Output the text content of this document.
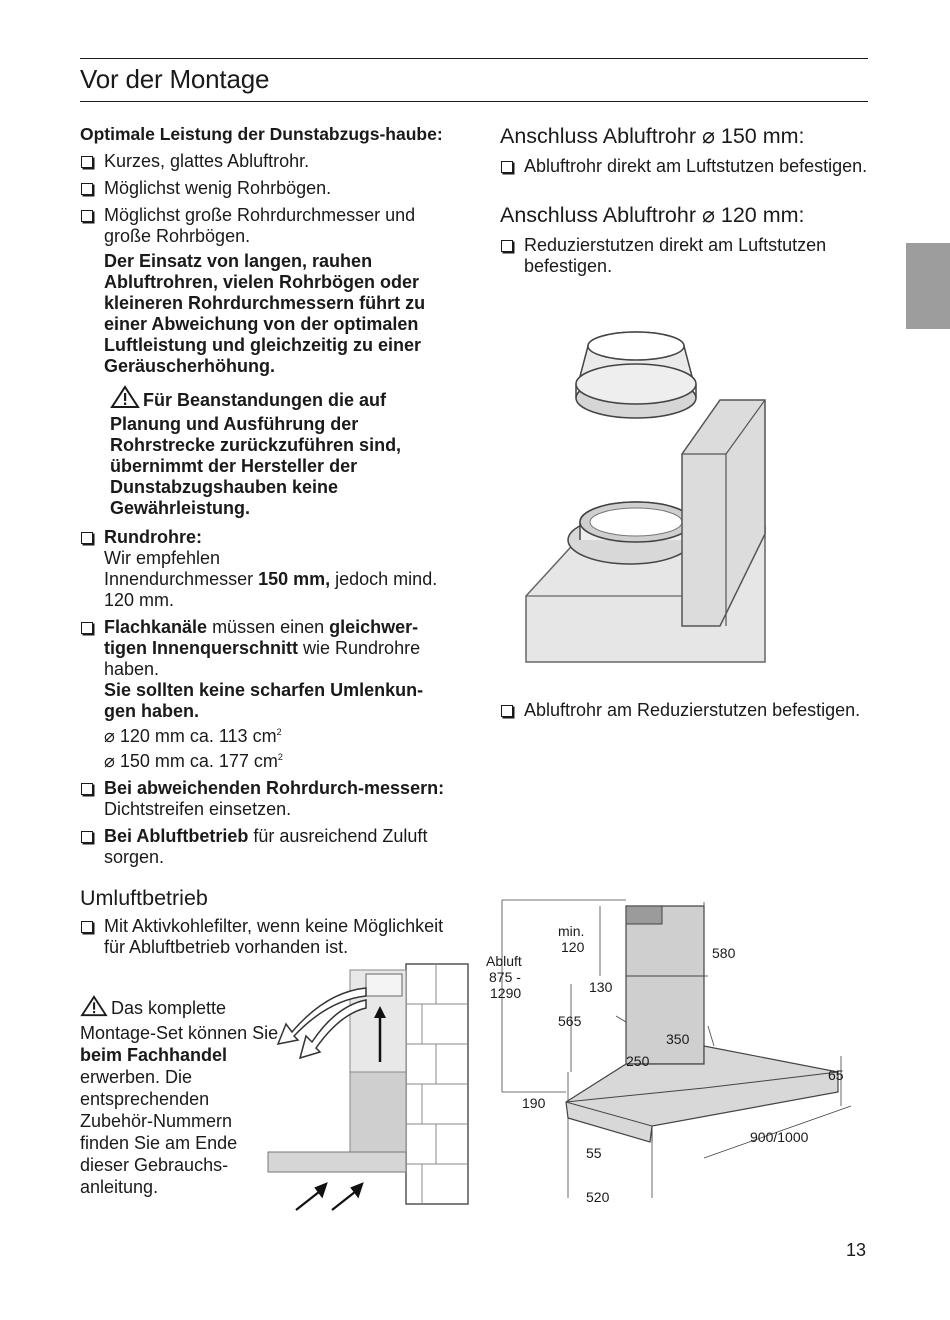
Vor der Montage

Optimale Leistung der Dunstabzugs-haube:

Kurzes, glattes Abluftrohr.
Möglichst wenig Rohrbögen.
Möglichst große Rohrdurchmesser und große Rohrbögen.
Der Einsatz von langen, rauhen Abluftrohren, vielen Rohrbögen oder kleineren Rohrdurchmessern führt zu einer Abweichung von der optimalen Luftleistung und gleichzeitig zu einer Geräuscherhöhung.
Für Beanstandungen die auf Planung und Ausführung der Rohrstrecke zurückzuführen sind, übernimmt der Hersteller der Dunstabzugshauben keine Gewährleistung.
Rundrohre:
Wir empfehlen
Innendurchmesser 150 mm, jedoch mind. 120 mm.
Flachkanäle müssen einen gleichwer-tigen Innenquerschnitt wie Rundrohre haben.
Sie sollten keine scharfen Umlenkun-gen haben.
⌀ 120 mm ca. 113 $cm^2$
⌀ 150 mm ca. 177 $cm^2$
Bei abweichenden Rohrdurch-messern: Dichtstreifen einsetzen.
Bei Abluftbetrieb für ausreichend Zuluft sorgen.
Umluftbetrieb
Mit Aktivkohlefilter, wenn keine Möglichkeit für Abluftbetrieb vorhanden ist.
Das komplette Montage-Set können Sie beim Fachhandel erwerben. Die entsprechenden Zubehör-Nummern finden Sie am Ende dieser Gebrauchs-anleitung.
Anschluss Abluftrohr ⌀ 150 mm:
Abluftrohr direkt am Luftstutzen befestigen.
Anschluss Abluftrohr ⌀ 120 mm:
Reduzierstutzen direkt am Luftstutzen befestigen.
Abluftrohr am Reduzierstutzen befestigen.
Abluft
875 -
1290
min.
120	580
130
565
350
250
65
190
900/1000
55
520
13
